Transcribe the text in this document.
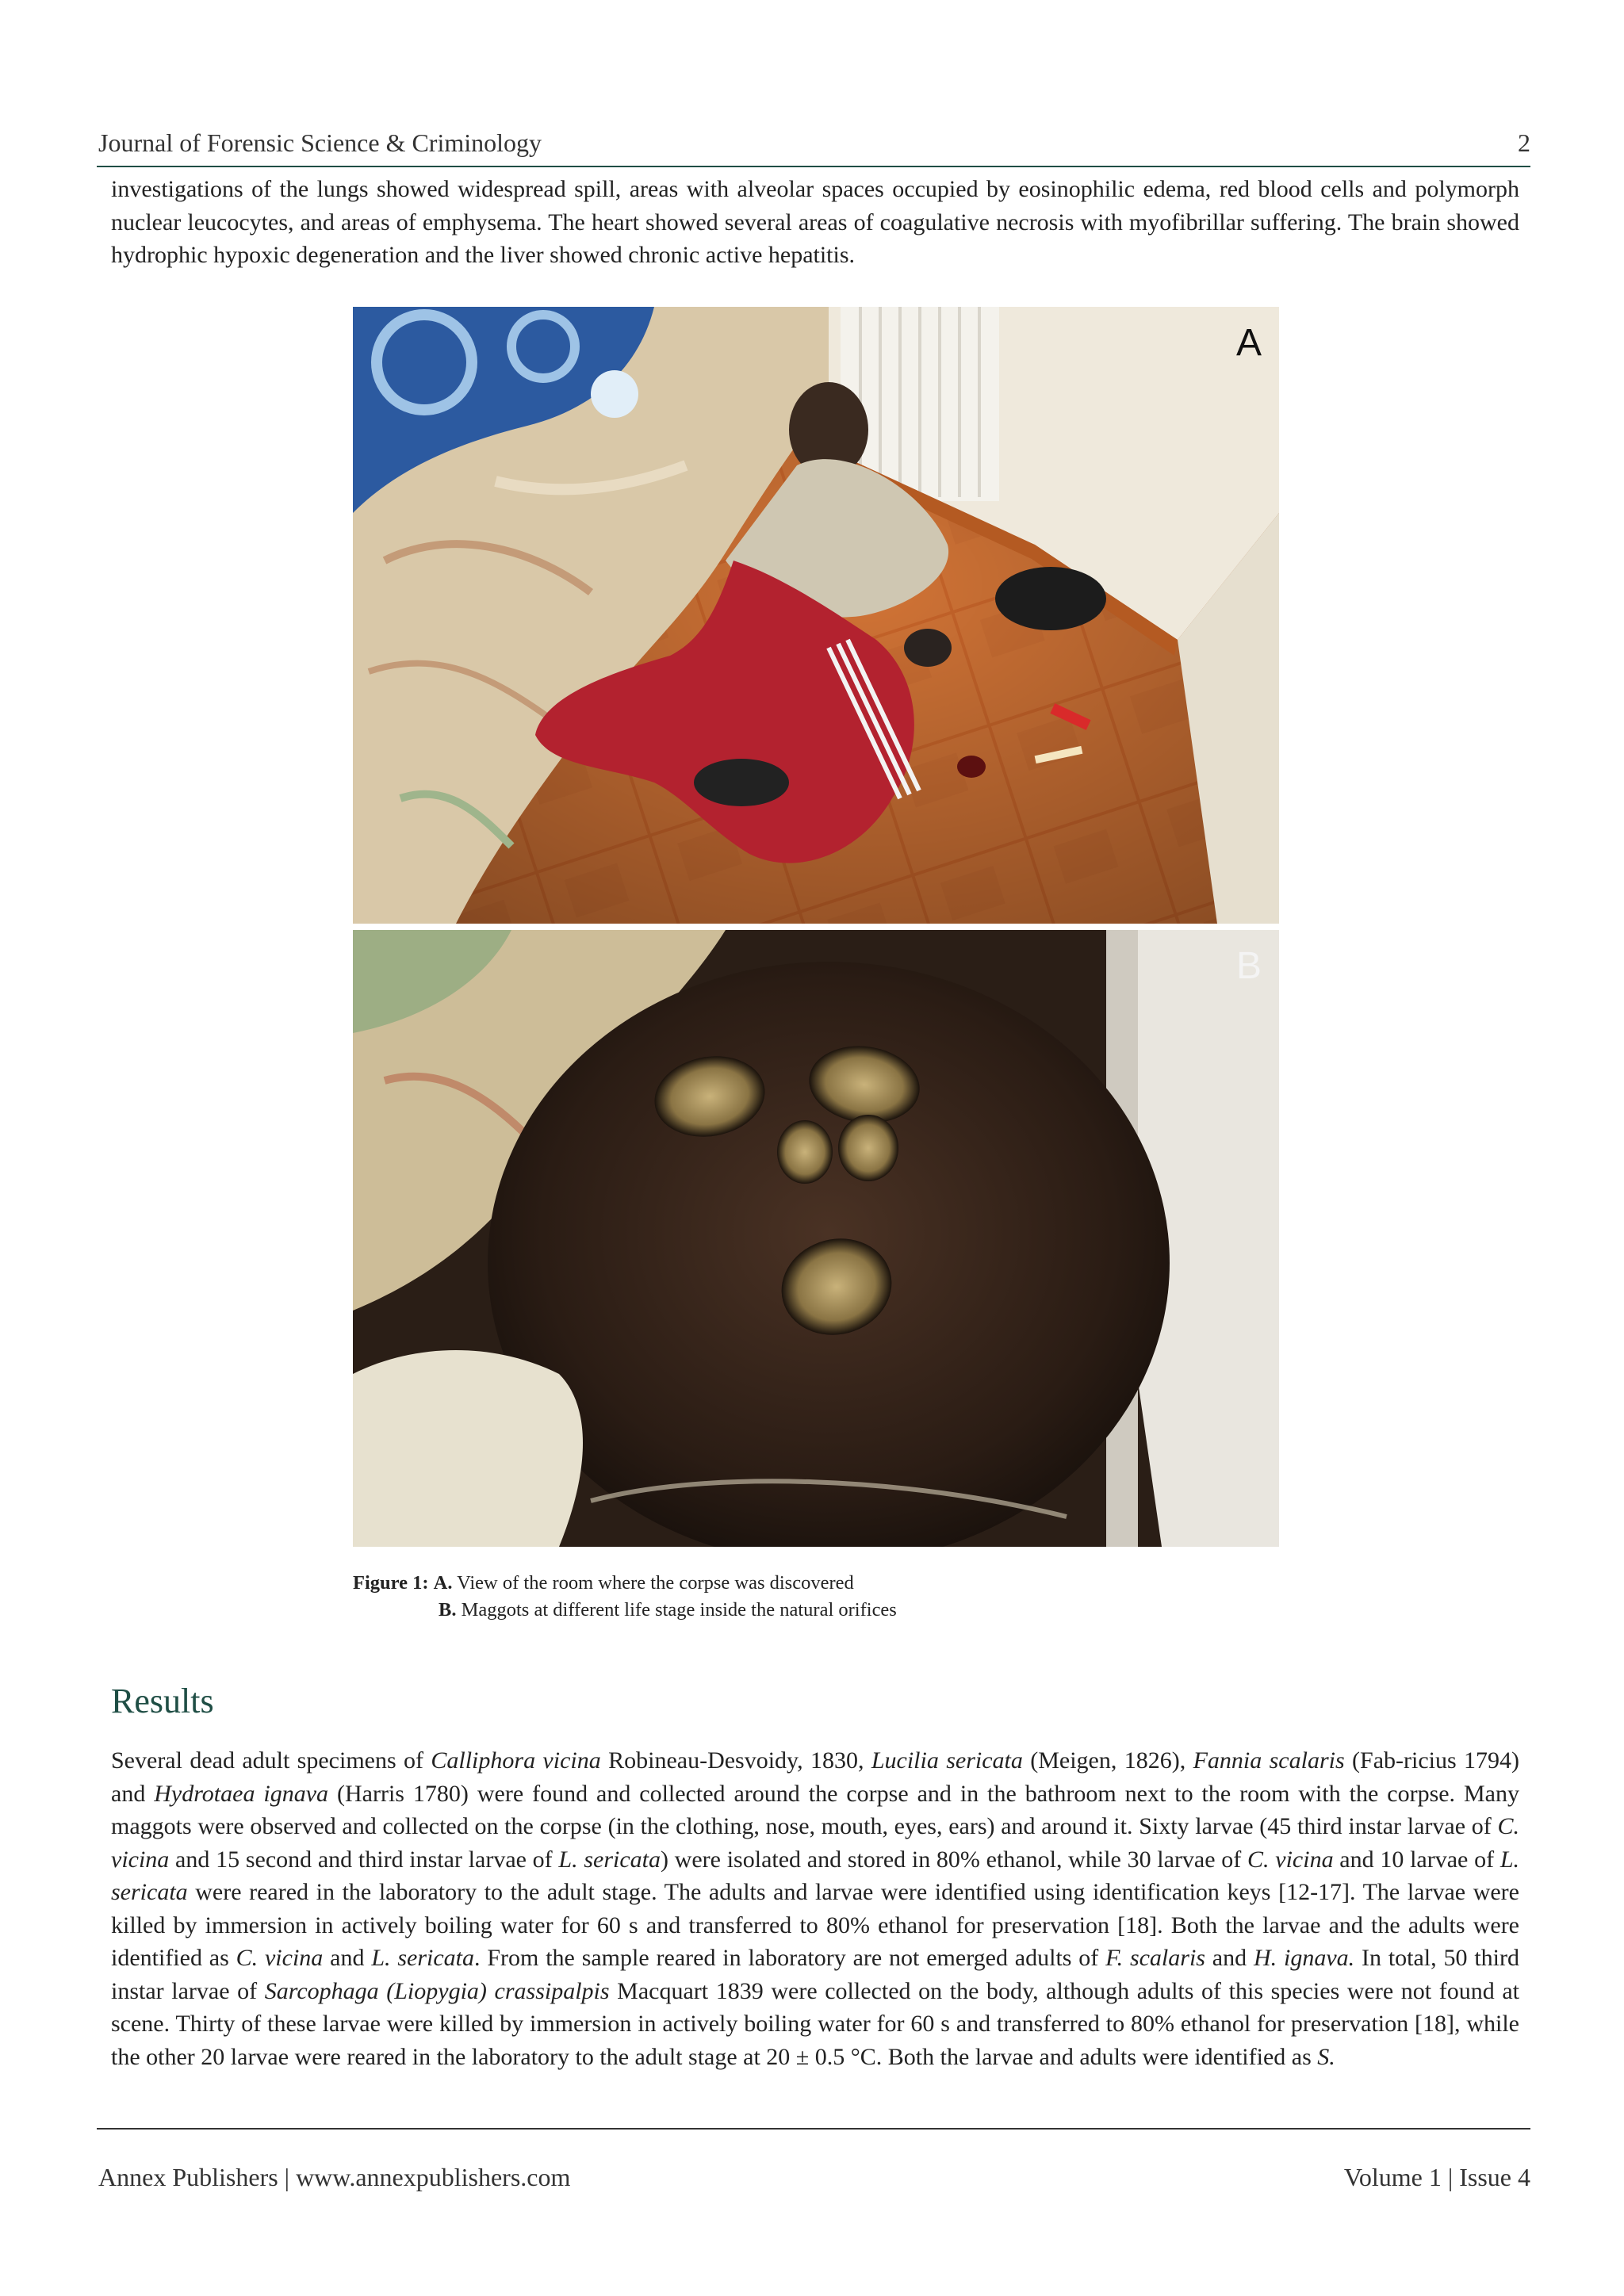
Journal of Forensic Science & Criminology	2

investigations of the lungs showed widespread spill, areas with alveolar spaces occupied by eosinophilic edema, red blood cells and polymorph nuclear leucocytes, and areas of emphysema. The heart showed several areas of coagulative necrosis with myofibrillar suffering. The brain showed hydrophic hypoxic degeneration and the liver showed chronic active hepatitis.

A
B
Figure 1: A. View of the room where the corpse was discovered
B. Maggots at different life stage inside the natural orifices
Results

Several dead adult specimens of Calliphora vicina Robineau-Desvoidy, 1830, Lucilia sericata (Meigen, 1826), Fannia scalaris (Fab-ricius 1794) and Hydrotaea ignava (Harris 1780) were found and collected around the corpse and in the bathroom next to the room with the corpse. Many maggots were observed and collected on the corpse (in the clothing, nose, mouth, eyes, ears) and around it. Sixty larvae (45 third instar larvae of C. vicina and 15 second and third instar larvae of L. sericata) were isolated and stored in 80% ethanol, while 30 larvae of C. vicina and 10 larvae of L. sericata were reared in the laboratory to the adult stage. The adults and larvae were identified using identification keys [12-17]. The larvae were killed by immersion in actively boiling water for 60 s and transferred to 80% ethanol for preservation [18]. Both the larvae and the adults were identified as C. vicina and L. sericata. From the sample reared in laboratory are not emerged adults of F. scalaris and H. ignava. In total, 50 third instar larvae of Sarcophaga (Liopygia) crassipalpis Macquart 1839 were collected on the body, although adults of this species were not found at scene. Thirty of these larvae were killed by immersion in actively boiling water for 60 s and transferred to 80% ethanol for preservation [18], while the other 20 larvae were reared in the laboratory to the adult stage at 20 ± 0.5 °C. Both the larvae and adults were identified as S.

Annex Publishers | www.annexpublishers.com	Volume 1 | Issue 4
